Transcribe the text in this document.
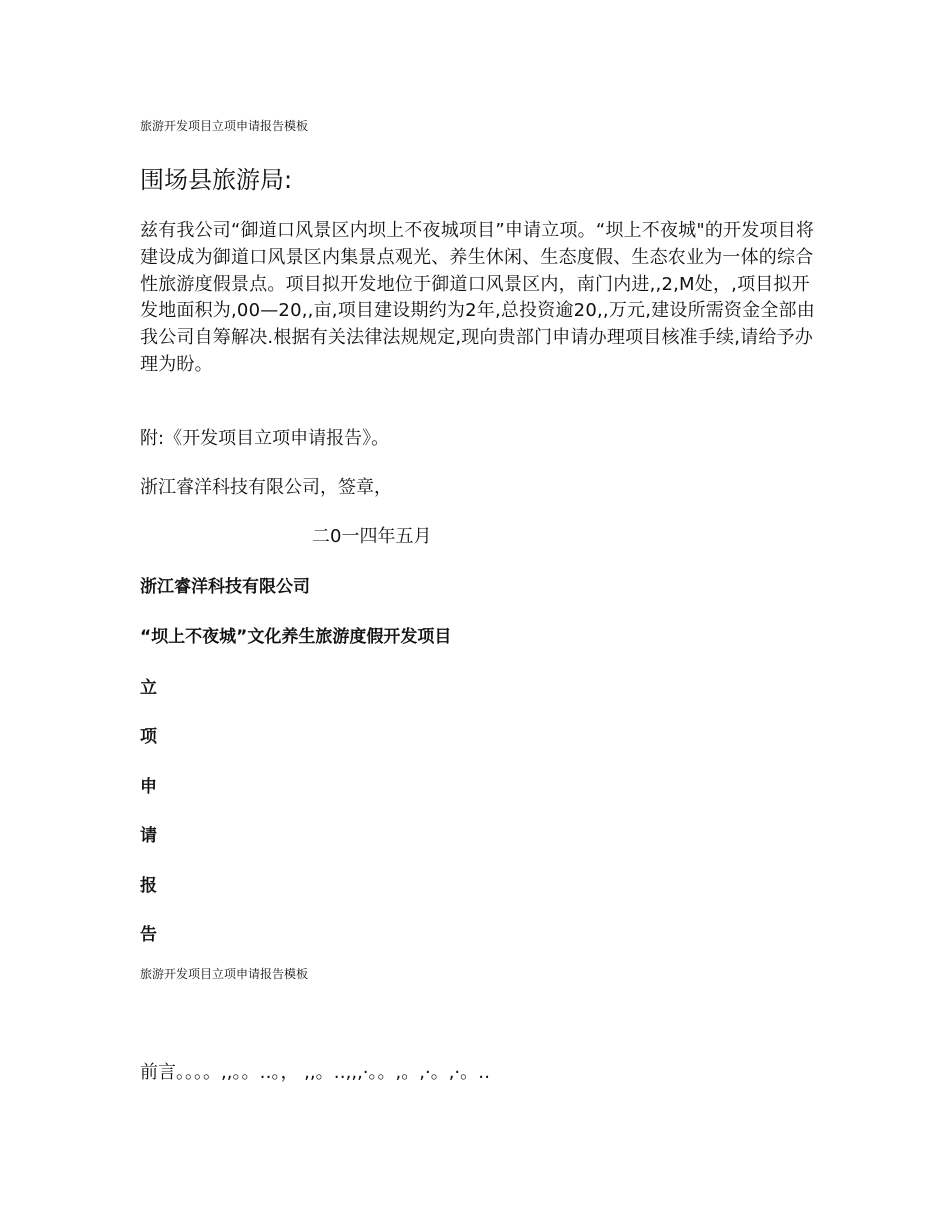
旅游开发项目立项申请报告模板
围场县旅游局:
兹有我公司“御道口风景区内坝上不夜城项目”申请立项。“坝上不夜城"的开发项目将建设成为御道口风景区内集景点观光、养生休闲、生态度假、生态农业为一体的综合性旅游度假景点。项目拟开发地位于御道口风景区内，南门内进,,2,M处，,项目拟开发地面积为,00—20,,亩,项目建设期约为2年,总投资逾20,,万元,建设所需资金全部由我公司自筹解决.根据有关法律法规规定,现向贵部门申请办理项目核准手续,请给予办理为盼。
附:《开发项目立项申请报告》。
浙江睿洋科技有限公司，签章，
二0一四年五月
浙江睿洋科技有限公司
“坝上不夜城”文化养生旅游度假开发项目
立
项
申
请
报
告
旅游开发项目立项申请报告模板
前言。。。。,,。。‥。， ,,。‥,,,·。。,。,·。,·。‥
